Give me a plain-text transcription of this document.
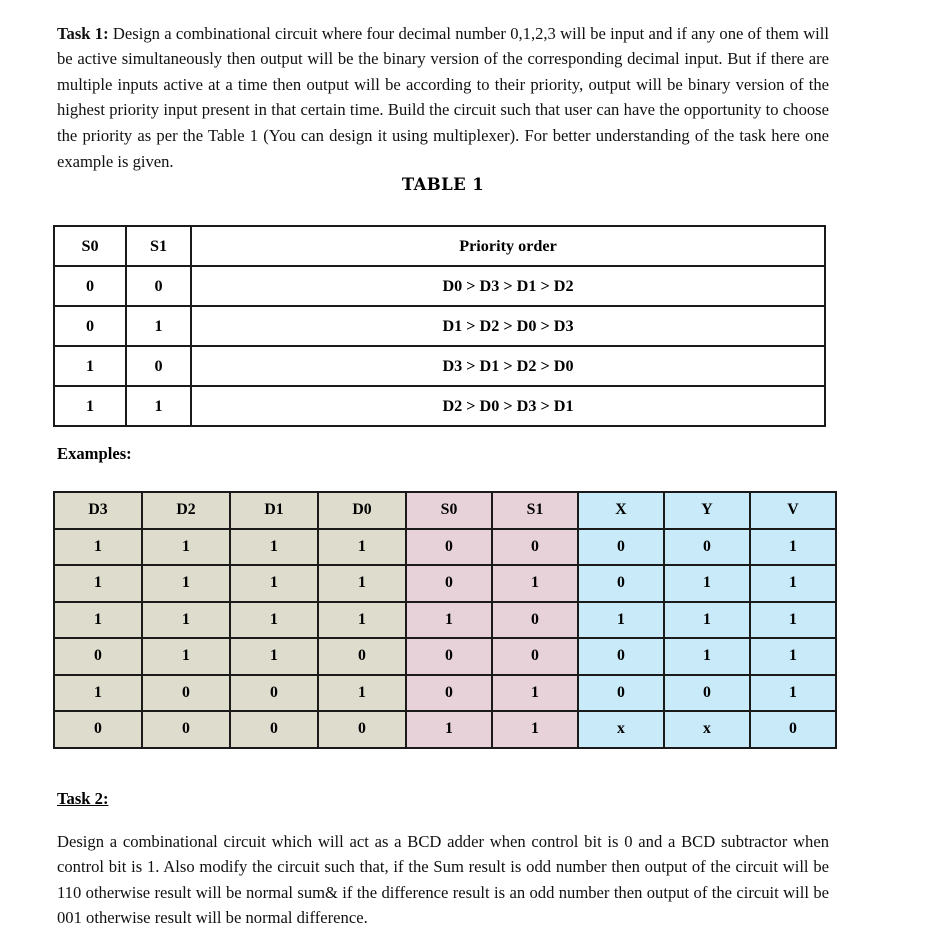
Task 1: Design a combinational circuit where four decimal number 0,1,2,3 will be input and if any one of them will be active simultaneously then output will be the binary version of the corresponding decimal input. But if there are multiple inputs active at a time then output will be according to their priority, output will be binary version of the highest priority input present in that certain time. Build the circuit such that user can have the opportunity to choose the priority as per the Table 1 (You can design it using multiplexer). For better understanding of the task here one example is given.

TABLE 1
S0	S1	Priority order
0	0	D0 > D3 > D1 > D2
0	1	D1 > D2 > D0 > D3
1	0	D3 > D1 > D2 > D0
1	1	D2 > D0 > D3 > D1
Examples:
D3	D2	D1	D0	S0	S1	X	Y	V
1	1	1	1	0	0	0	0	1
1	1	1	1	0	1	0	1	1
1	1	1	1	1	0	1	1	1
0	1	1	0	0	0	0	1	1
1	0	0	1	0	1	0	0	1
0	0	0	0	1	1	x	x	0
Task 2:

Design a combinational circuit which will act as a BCD adder when control bit is 0 and a BCD subtractor when control bit is 1. Also modify the circuit such that, if the Sum result is odd number then output of the circuit will be 110 otherwise result will be normal sum& if the difference result is an odd number then output of the circuit will be 001 otherwise result will be normal difference.
